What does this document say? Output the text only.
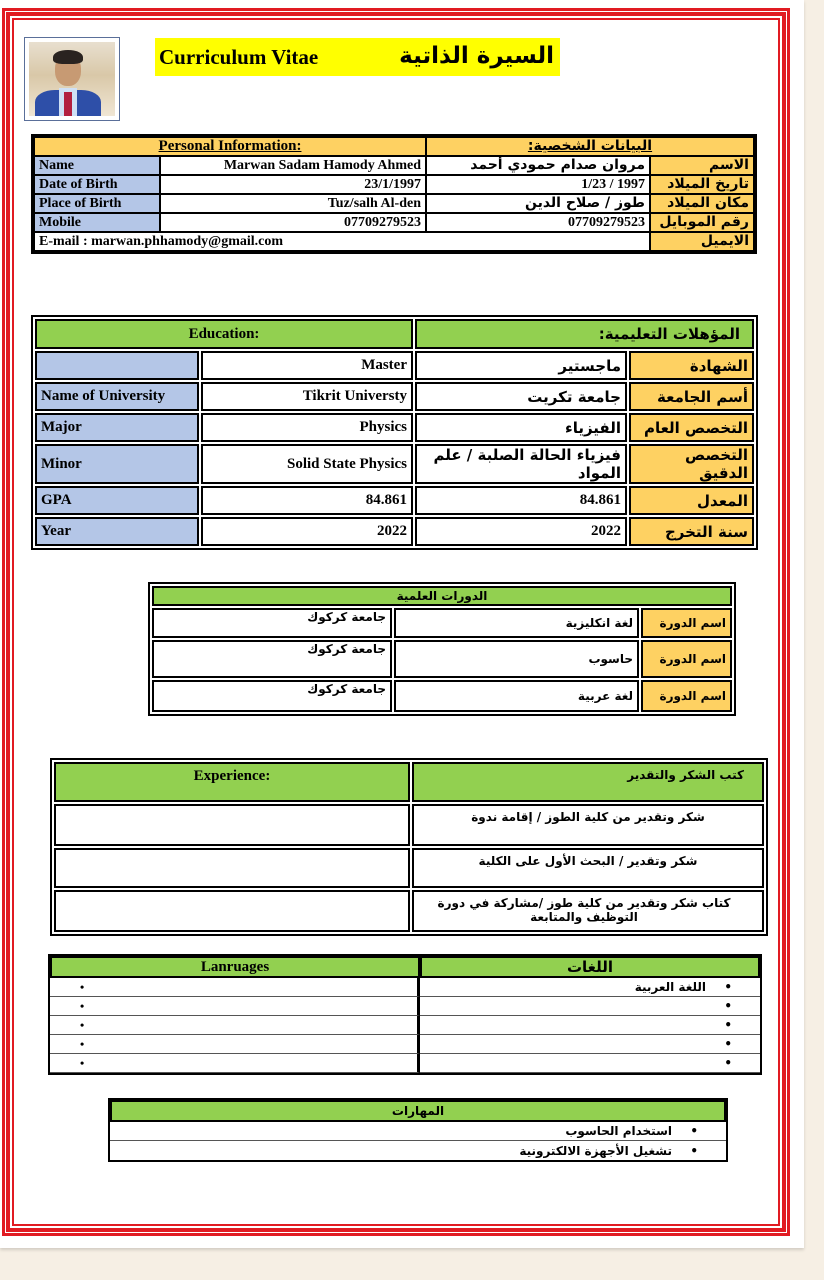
Curriculum Vitae	السيرة الذاتية
Personal Information:		البيانات الشخصية:	
Name	Marwan Sadam Hamody Ahmed	مروان صدام حمودي أحمد	الاسم
Date of Birth	23/1/1997	1997 / 1/23	تاريخ الميلاد
Place of Birth	Tuz/salh Al-den	طوز / صلاح الدين	مكان الميلاد
Mobile	07709279523	07709279523	رقم الموبايل
E-mail : marwan.phhamody@gmail.com			الايميل
Education:		المؤهلات التعليمية:	
	Master	ماجستير	الشهادة
Name of University	Tikrit Universty	جامعة تكريت	أسم الجامعة
Major	Physics	الفيزياء	التخصص العام
Minor	Solid State Physics	فيزياء الحالة الصلبة / علم المواد	التخصص الدقيق
GPA	84.861	84.861	المعدل
Year	2022	2022	سنة التخرج
الدورات العلمية		
جامعة كركوك	لغة انكليزية	اسم الدورة
جامعة كركوك	حاسوب	اسم الدورة
جامعة كركوك	لغة عربية	اسم الدورة
Experience:	كتب الشكر والتقدير
	شكر وتقدير من كلية الطوز / إقامة ندوة
	شكر وتقدير / البحث الأول على الكلية
	كتاب شكر وتقدير من كلية طوز /مشاركة في دورة التوظيف والمتابعة
Lanruages	اللغات
•	•اللغة العربية
•	•
•	•
•	•
•	•
المهارات
•استخدام الحاسوب
•تشغيل الأجهزة الالكترونية
